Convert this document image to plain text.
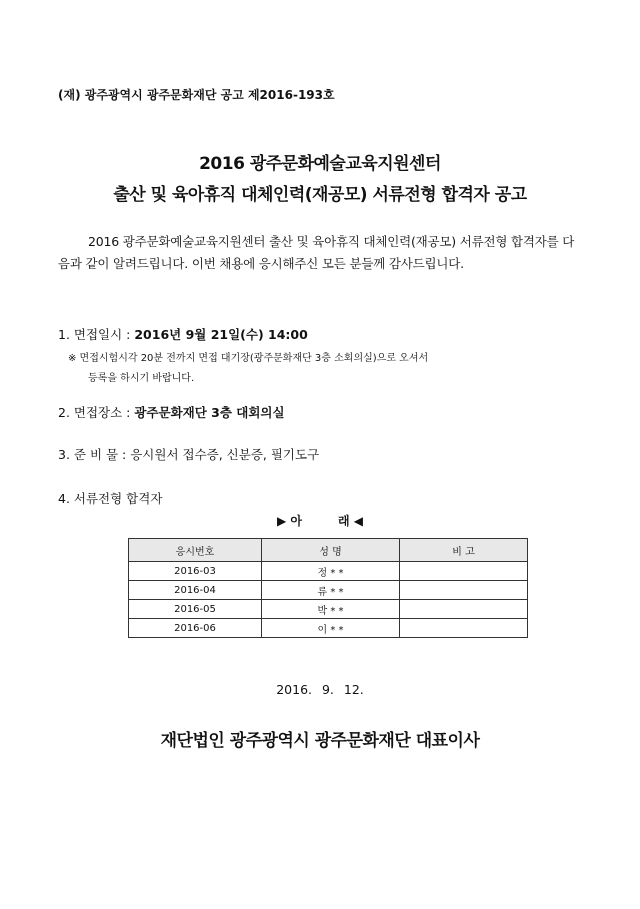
(재) 광주광역시 광주문화재단 공고 제2016-193호
2016 광주문화예술교육지원센터
출산 및 육아휴직 대체인력(재공모) 서류전형 합격자 공고
2016 광주문화예술교육지원센터 출산 및 육아휴직 대체인력(재공모) 서류전형 합격자를 다음과 같이 알려드립니다. 이번 채용에 응시해주신 모든 분들께 감사드립니다.
1. 면접일시 : 2016년 9월 21일(수) 14:00
※ 면접시험시각 20분 전까지 면접 대기장(광주문화재단 3층 소회의실)으로 오셔서
등록을 하시기 바랍니다.
2. 면접장소 : 광주문화재단 3층 대회의실
3. 준 비 물 : 응시원서 접수증, 신분증, 필기도구
4. 서류전형 합격자
▶ 아	래 ◀
응시번호	성 명	비 고
2016-03	정 * *	
2016-04	류 * *	
2016-05	박 * *	
2016-06	이 * *	
2016. 9. 12.
재단법인 광주광역시 광주문화재단 대표이사
